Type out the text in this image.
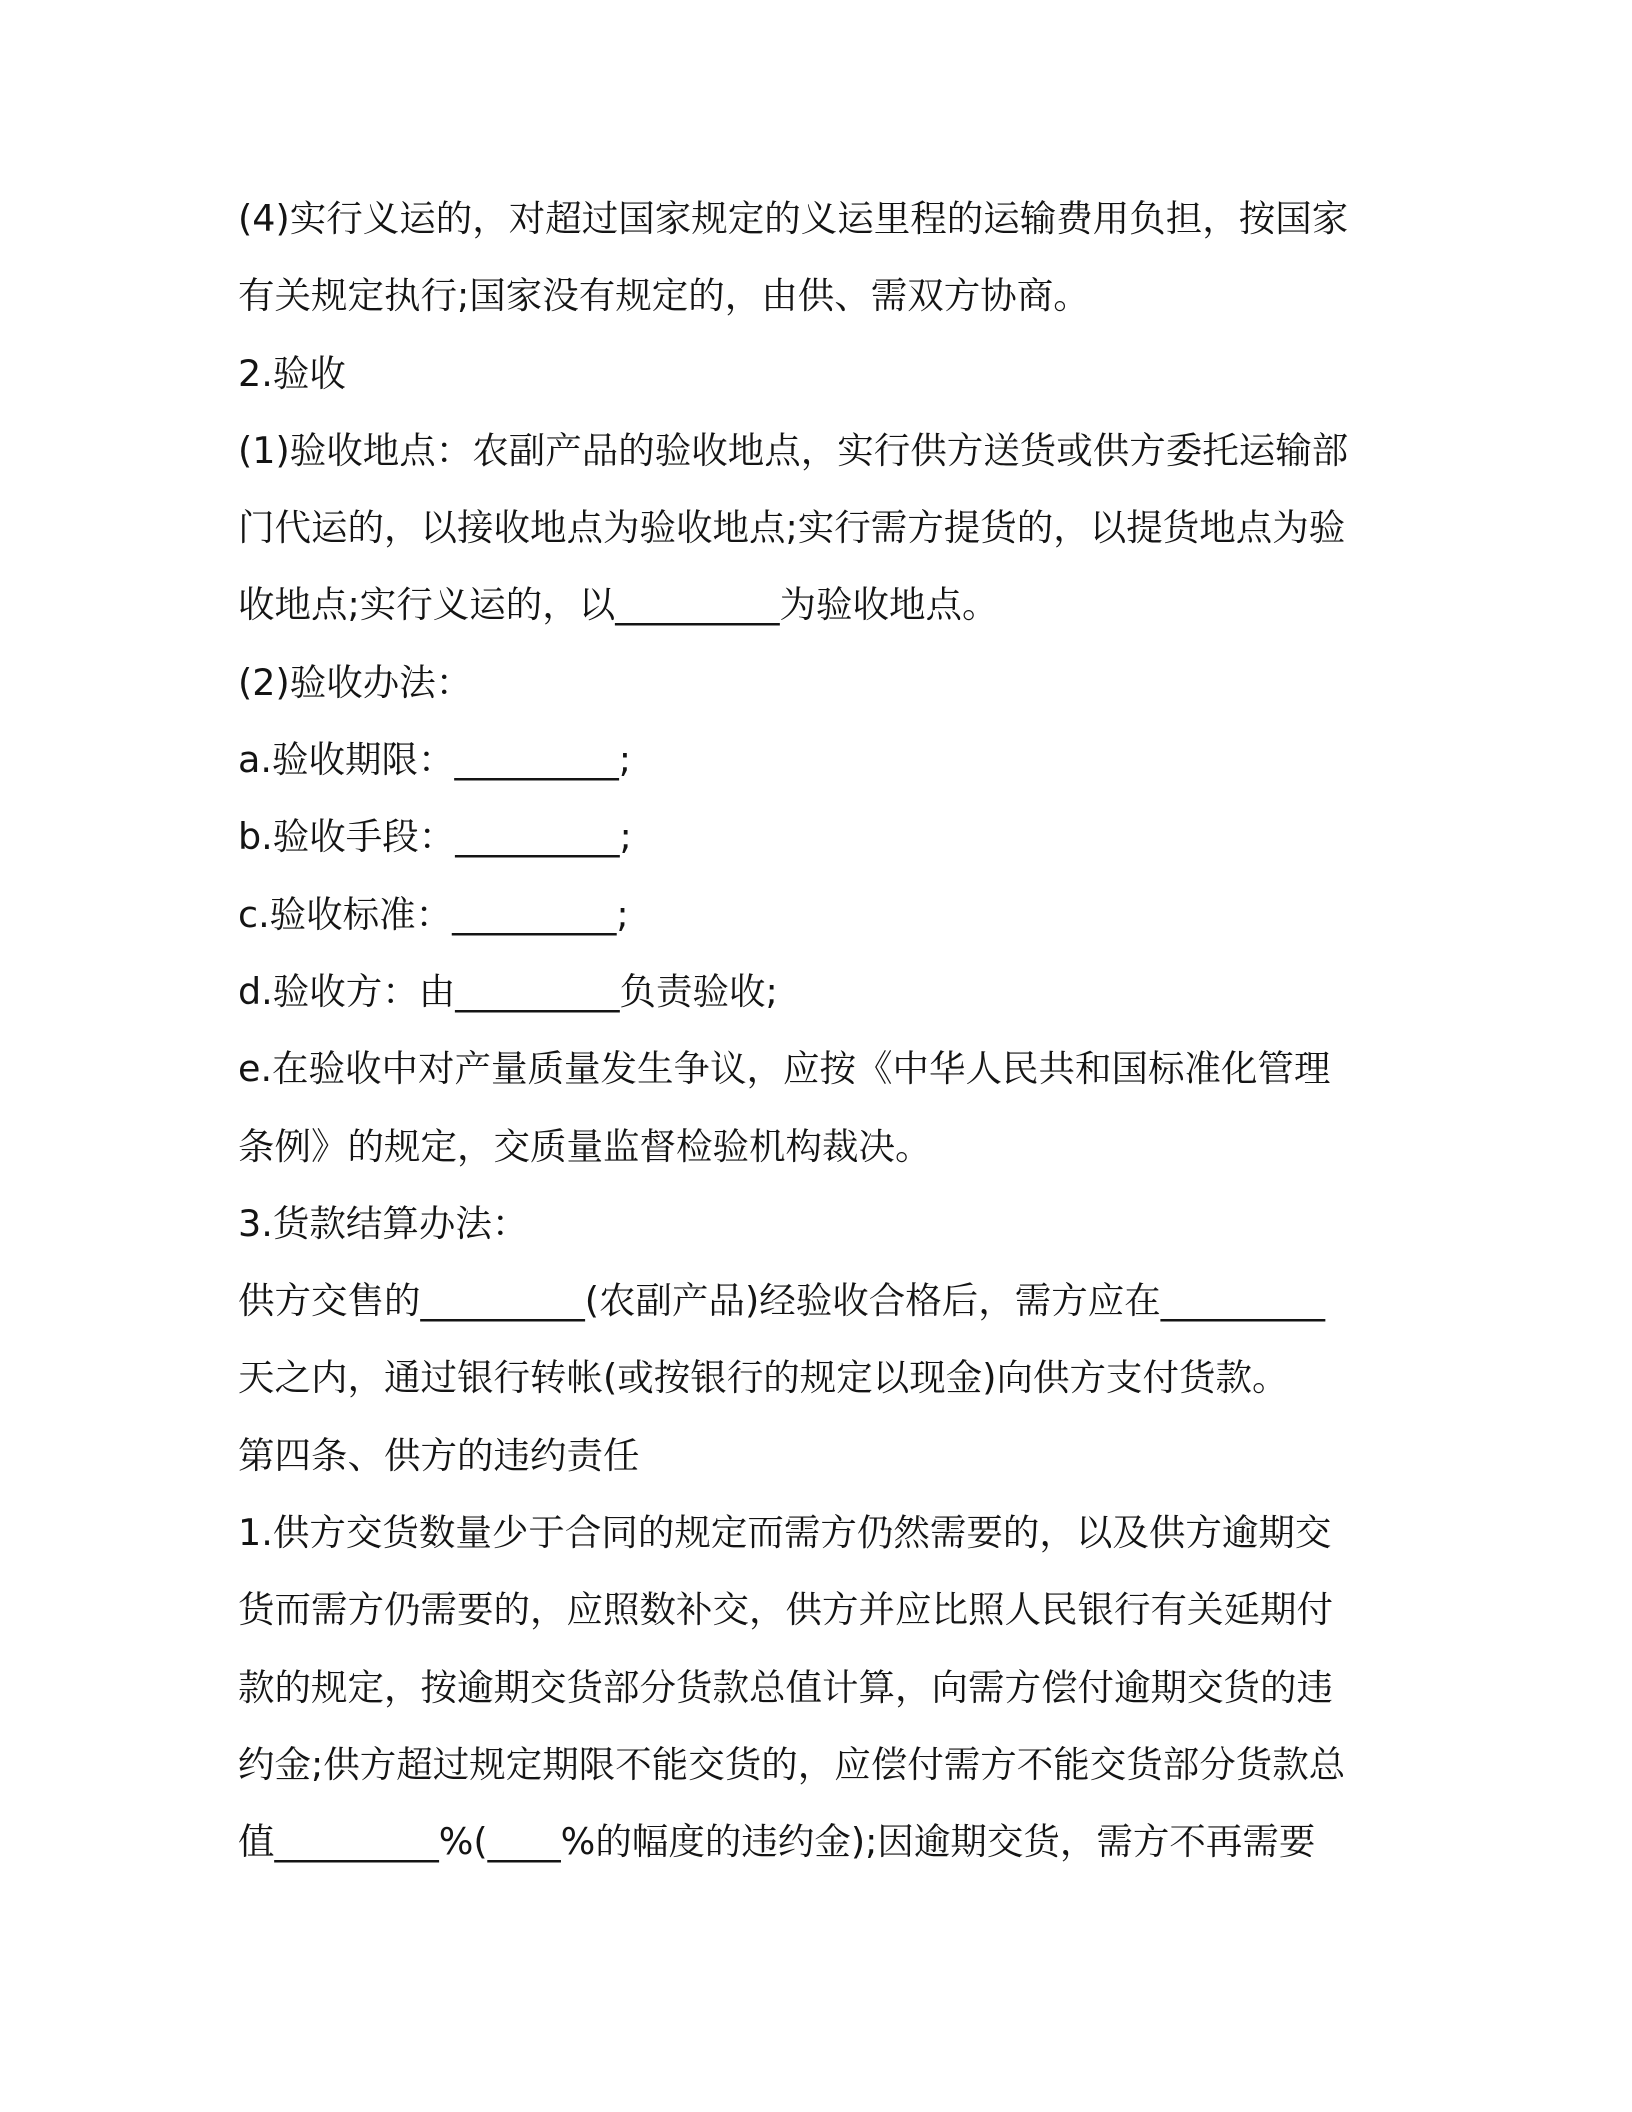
(4)实行义运的，对超过国家规定的义运里程的运输费用负担，按国家
有关规定执行;国家没有规定的，由供、需双方协商。
2.验收
(1)验收地点：农副产品的验收地点，实行供方送货或供方委托运输部
门代运的，以接收地点为验收地点;实行需方提货的，以提货地点为验
收地点;实行义运的，以_________为验收地点。
(2)验收办法：
a.验收期限：_________;
b.验收手段：_________;
c.验收标准：_________;
d.验收方：由_________负责验收;
e.在验收中对产量质量发生争议，应按《中华人民共和国标准化管理
条例》的规定，交质量监督检验机构裁决。
3.货款结算办法：
供方交售的_________(农副产品)经验收合格后，需方应在_________
天之内，通过银行转帐(或按银行的规定以现金)向供方支付货款。
第四条、供方的违约责任
1.供方交货数量少于合同的规定而需方仍然需要的，以及供方逾期交
货而需方仍需要的，应照数补交，供方并应比照人民银行有关延期付
款的规定，按逾期交货部分货款总值计算，向需方偿付逾期交货的违
约金;供方超过规定期限不能交货的，应偿付需方不能交货部分货款总
值_________%(____%的幅度的违约金);因逾期交货，需方不再需要
